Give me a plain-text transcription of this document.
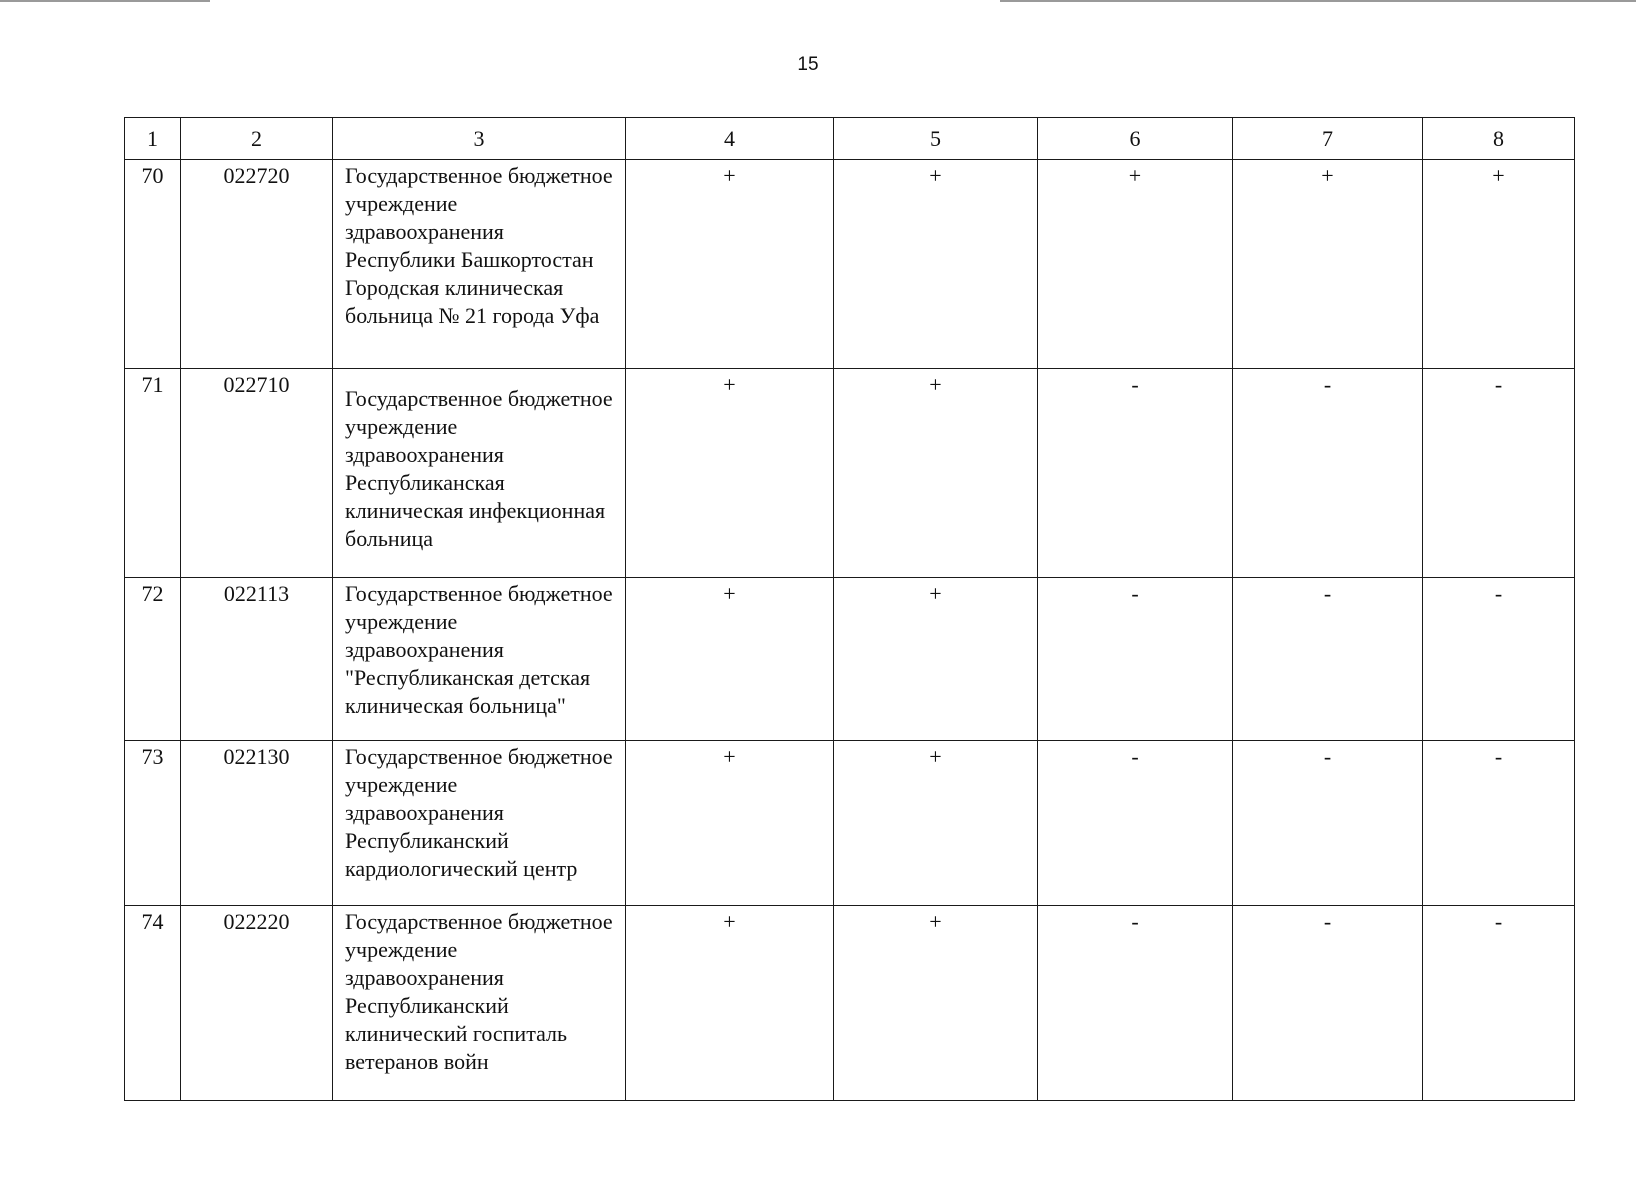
15
1	2	3	4	5	6	7	8
70	022720	Государственное бюджетное учреждение здравоохранения Республики Башкортостан Городская клиническая больница № 21 города Уфа	+	+	+	+	+
71	022710	Государственное бюджетное учреждение здравоохранения Республиканская клиническая инфекционная больница	+	+	-	-	-
72	022113	Государственное бюджетное учреждение здравоохранения "Республиканская детская клиническая больница"	+	+	-	-	-
73	022130	Государственное бюджетное учреждение здравоохранения Республиканский кардиологический центр	+	+	-	-	-
74	022220	Государственное бюджетное учреждение здравоохранения Республиканский клинический госпиталь ветеранов войн	+	+	-	-	-
